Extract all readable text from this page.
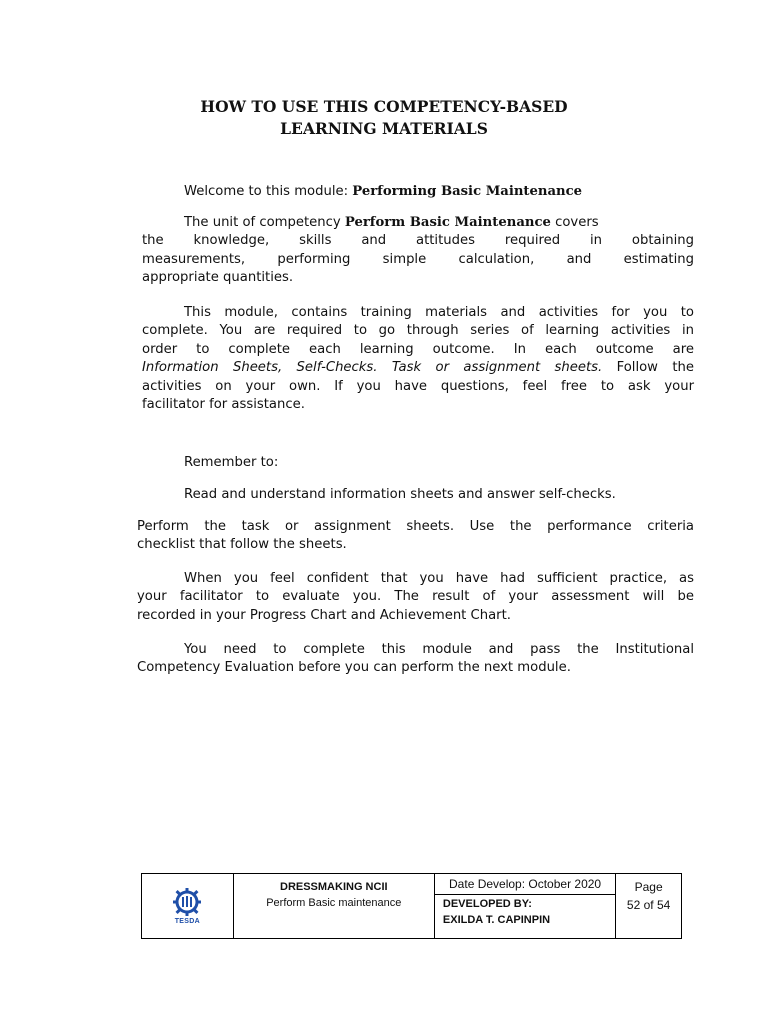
HOW TO USE THIS COMPETENCY-BASED
LEARNING MATERIALS
Welcome to this module: Performing Basic Maintenance
The unit of competency Perform Basic Maintenance covers
the knowledge, skills and attitudes required in obtaining
measurements, performing simple calculation, and estimating
appropriate quantities.
This module, contains training materials and activities for you to
complete. You are required to go through series of learning activities in
order to complete each learning outcome. In each outcome are
Information Sheets, Self-Checks. Task or assignment sheets. Follow the
activities on your own. If you have questions, feel free to ask your
facilitator for assistance.
Remember to:
Read and understand information sheets and answer self-checks.
Perform the task or assignment sheets. Use the performance criteria
checklist that follow the sheets.
When you feel confident that you have had sufficient practice, as
your facilitator to evaluate you. The result of your assessment will be
recorded in your Progress Chart and Achievement Chart.
You need to complete this module and pass the Institutional
Competency Evaluation before you can perform the next module.
TESDA
DRESSMAKING NCII
Perform Basic maintenance
Date Develop: October 2020
DEVELOPED BY:
EXILDA T. CAPINPIN
Page
52 of 54
